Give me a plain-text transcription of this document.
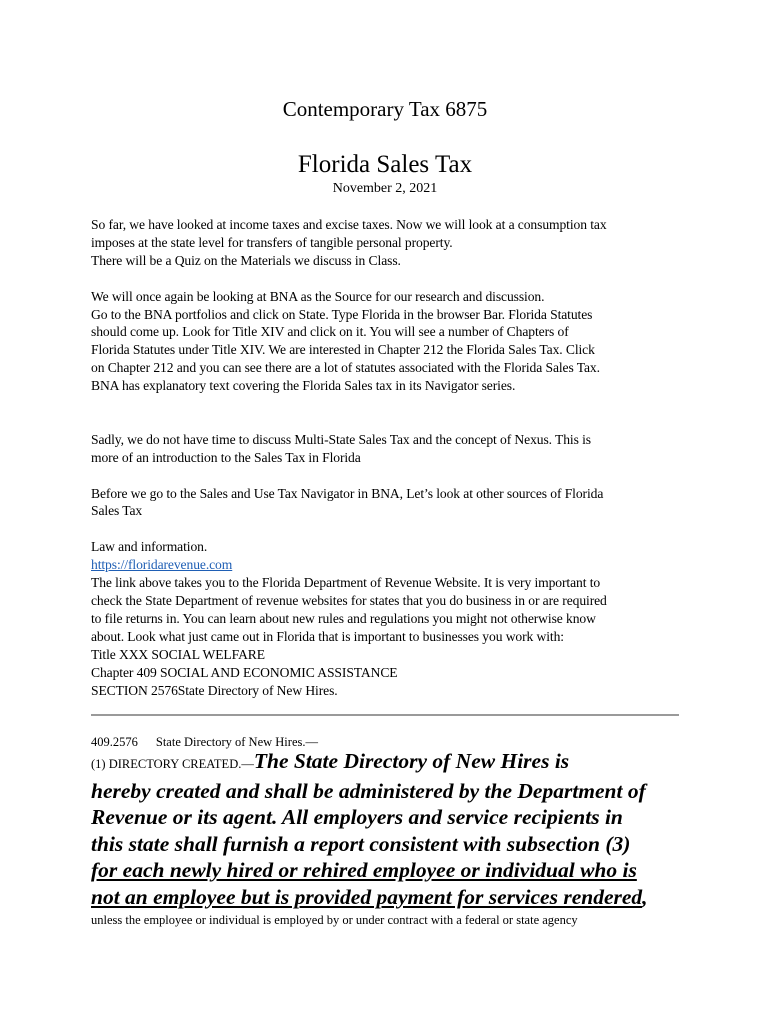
Contemporary Tax 6875
Florida Sales Tax
November 2, 2021

So far, we have looked at income taxes and excise taxes. Now we will look at a consumption tax

imposes at the state level for transfers of tangible personal property.

There will be a Quiz on the Materials we discuss in Class.

We will once again be looking at BNA as the Source for our research and discussion.

Go to the BNA portfolios and click on State. Type Florida in the browser Bar. Florida Statutes

should come up. Look for Title XIV and click on it. You will see a number of Chapters of

Florida Statutes under Title XIV. We are interested in Chapter 212 the Florida Sales Tax. Click

on Chapter 212 and you can see there are a lot of statutes associated with the Florida Sales Tax.

BNA has explanatory text covering the Florida Sales tax in its Navigator series.

Sadly, we do not have time to discuss Multi-State Sales Tax and the concept of Nexus. This is

more of an introduction to the Sales Tax in Florida

Before we go to the Sales and Use Tax Navigator in BNA, Let’s look at other sources of Florida

Sales Tax

Law and information.

https://floridarevenue.com

The link above takes you to the Florida Department of Revenue Website. It is very important to

check the State Department of revenue websites for states that you do business in or are required

to file returns in. You can learn about new rules and regulations you might not otherwise know

about. Look what just came out in Florida that is important to businesses you work with:

Title XXX SOCIAL WELFARE

Chapter 409 SOCIAL AND ECONOMIC ASSISTANCE

SECTION 2576State Directory of New Hires.

409.2576 State Directory of New Hires.—
(1) DIRECTORY CREATED.—The State Directory of New Hires is
hereby created and shall be administered by the Department of
Revenue or its agent. All employers and service recipients in
this state shall furnish a report consistent with subsection (3)
for each newly hired or rehired employee or individual who is
not an employee but is provided payment for services rendered,
unless the employee or individual is employed by or under contract with a federal or state agency
